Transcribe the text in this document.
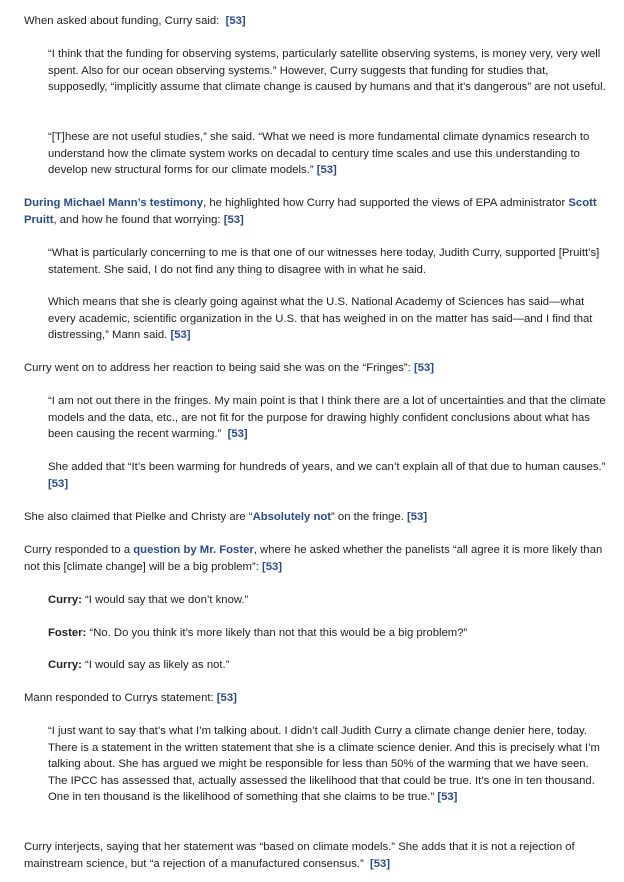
When asked about funding, Curry said: [53]

“I think that the funding for observing systems, particularly satellite observing systems, is money very, very well spent. Also for our ocean observing systems.” However, Curry suggests that funding for studies that, supposedly, “implicitly assume that climate change is caused by humans and that it’s dangerous” are not useful.

“[T]hese are not useful studies,” she said. “What we need is more fundamental climate dynamics research to understand how the climate system works on decadal to century time scales and use this understanding to develop new structural forms for our climate models.” [53]

During Michael Mann’s testimony, he highlighted how Curry had supported the views of EPA administrator Scott Pruitt, and how he found that worrying: [53]

“What is particularly concerning to me is that one of our witnesses here today, Judith Curry, supported [Pruitt’s] statement. She said, I do not find any thing to disagree with in what he said.

Which means that she is clearly going against what the U.S. National Academy of Sciences has said—what every academic, scientific organization in the U.S. that has weighed in on the matter has said—and I find that distressing,” Mann said. [53]

Curry went on to address her reaction to being said she was on the “Fringes”: [53]

“I am not out there in the fringes. My main point is that I think there are a lot of uncertainties and that the climate models and the data, etc., are not fit for the purpose for drawing highly confident conclusions about what has been causing the recent warming.” [53]

She added that “It’s been warming for hundreds of years, and we can’t explain all of that due to human causes.” [53]

She also claimed that Pielke and Christy are “Absolutely not” on the fringe. [53]

Curry responded to a question by Mr. Foster, where he asked whether the panelists “all agree it is more likely than not this [climate change] will be a big problem”: [53]

Curry: “I would say that we don’t know.”

Foster: “No. Do you think it’s more likely than not that this would be a big problem?”

Curry: “I would say as likely as not.”

Mann responded to Currys statement: [53]

“I just want to say that’s what I’m talking about. I didn’t call Judith Curry a climate change denier here, today. There is a statement in the written statement that she is a climate science denier. And this is precisely what I’m talking about. She has argued we might be responsible for less than 50% of the warming that we have seen. The IPCC has assessed that, actually assessed the likelihood that that could be true. It’s one in ten thousand. One in ten thousand is the likelihood of something that she claims to be true.” [53]

Curry interjects, saying that her statement was “based on climate models.” She adds that it is not a rejection of mainstream science, but “a rejection of a manufactured consensus.” [53]
